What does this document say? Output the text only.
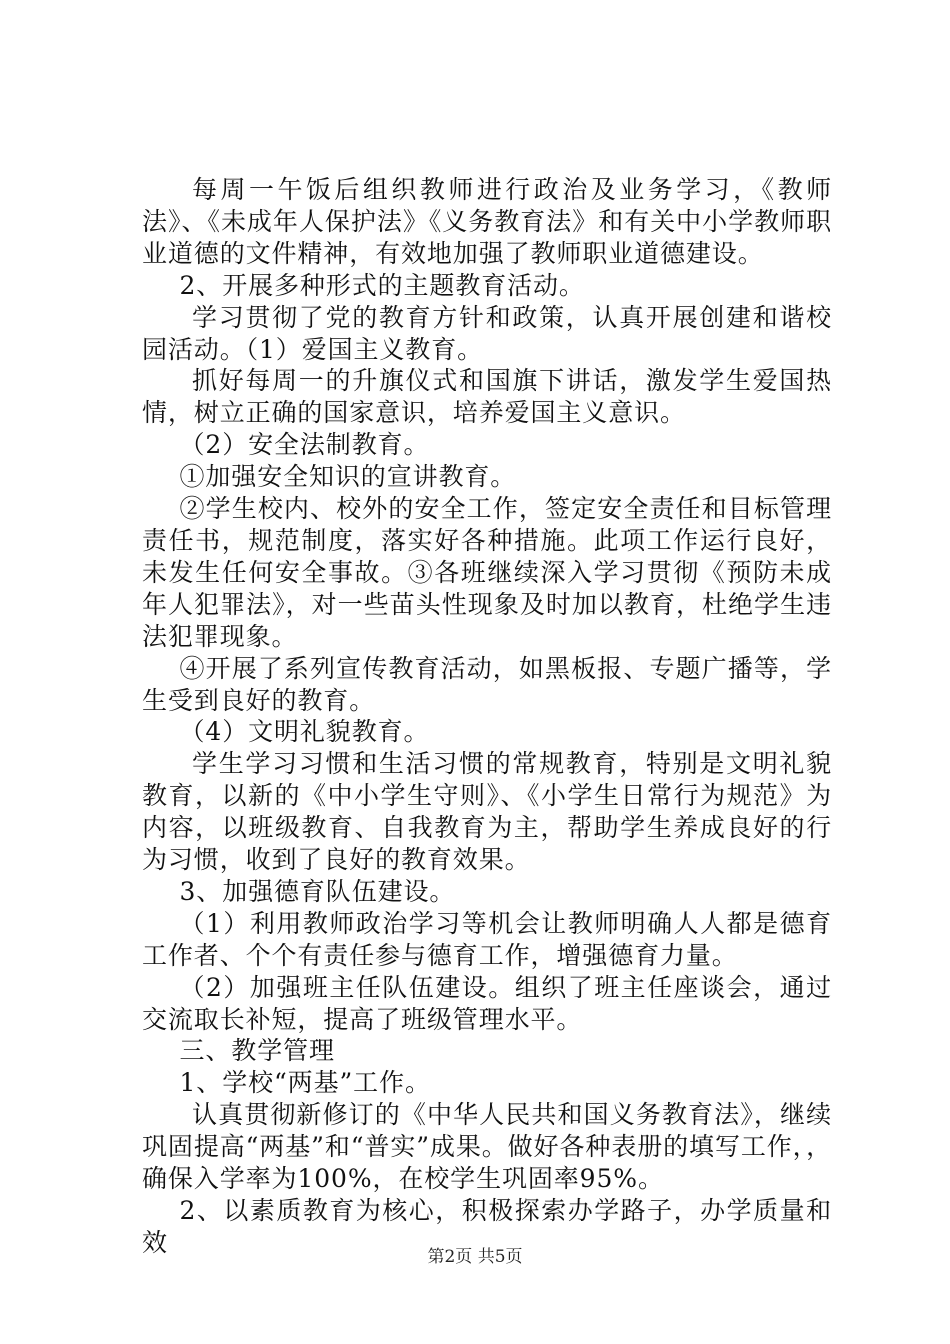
每周一午饭后组织教师进行政治及业务学习，《教师法》、《未成年人保护法》《义务教育法》和有关中小学教师职业道德的文件精神，有效地加强了教师职业道德建设。

2、开展多种形式的主题教育活动。

学习贯彻了党的教育方针和政策，认真开展创建和谐校园活动。（1）爱国主义教育。

抓好每周一的升旗仪式和国旗下讲话，激发学生爱国热情，树立正确的国家意识，培养爱国主义意识。

（2）安全法制教育。

①加强安全知识的宣讲教育。

②学生校内、校外的安全工作，签定安全责任和目标管理责任书，规范制度，落实好各种措施。此项工作运行良好，未发生任何安全事故。③各班继续深入学习贯彻《预防未成年人犯罪法》，对一些苗头性现象及时加以教育，杜绝学生违法犯罪现象。

④开展了系列宣传教育活动，如黑板报、专题广播等，学生受到良好的教育。

（4）文明礼貌教育。

学生学习习惯和生活习惯的常规教育，特别是文明礼貌教育，以新的《中小学生守则》、《小学生日常行为规范》为内容，以班级教育、自我教育为主，帮助学生养成良好的行为习惯，收到了良好的教育效果。

3、加强德育队伍建设。

（1）利用教师政治学习等机会让教师明确人人都是德育工作者、个个有责任参与德育工作，增强德育力量。

（2）加强班主任队伍建设。组织了班主任座谈会，通过交流取长补短，提高了班级管理水平。

三、教学管理

1、学校“两基”工作。

认真贯彻新修订的《中华人民共和国义务教育法》，继续巩固提高“两基”和“普实”成果。做好各种表册的填写工作，，确保入学率为100%，在校学生巩固率95%。

2、以素质教育为核心，积极探索办学路子，办学质量和效

第2页 共5页
